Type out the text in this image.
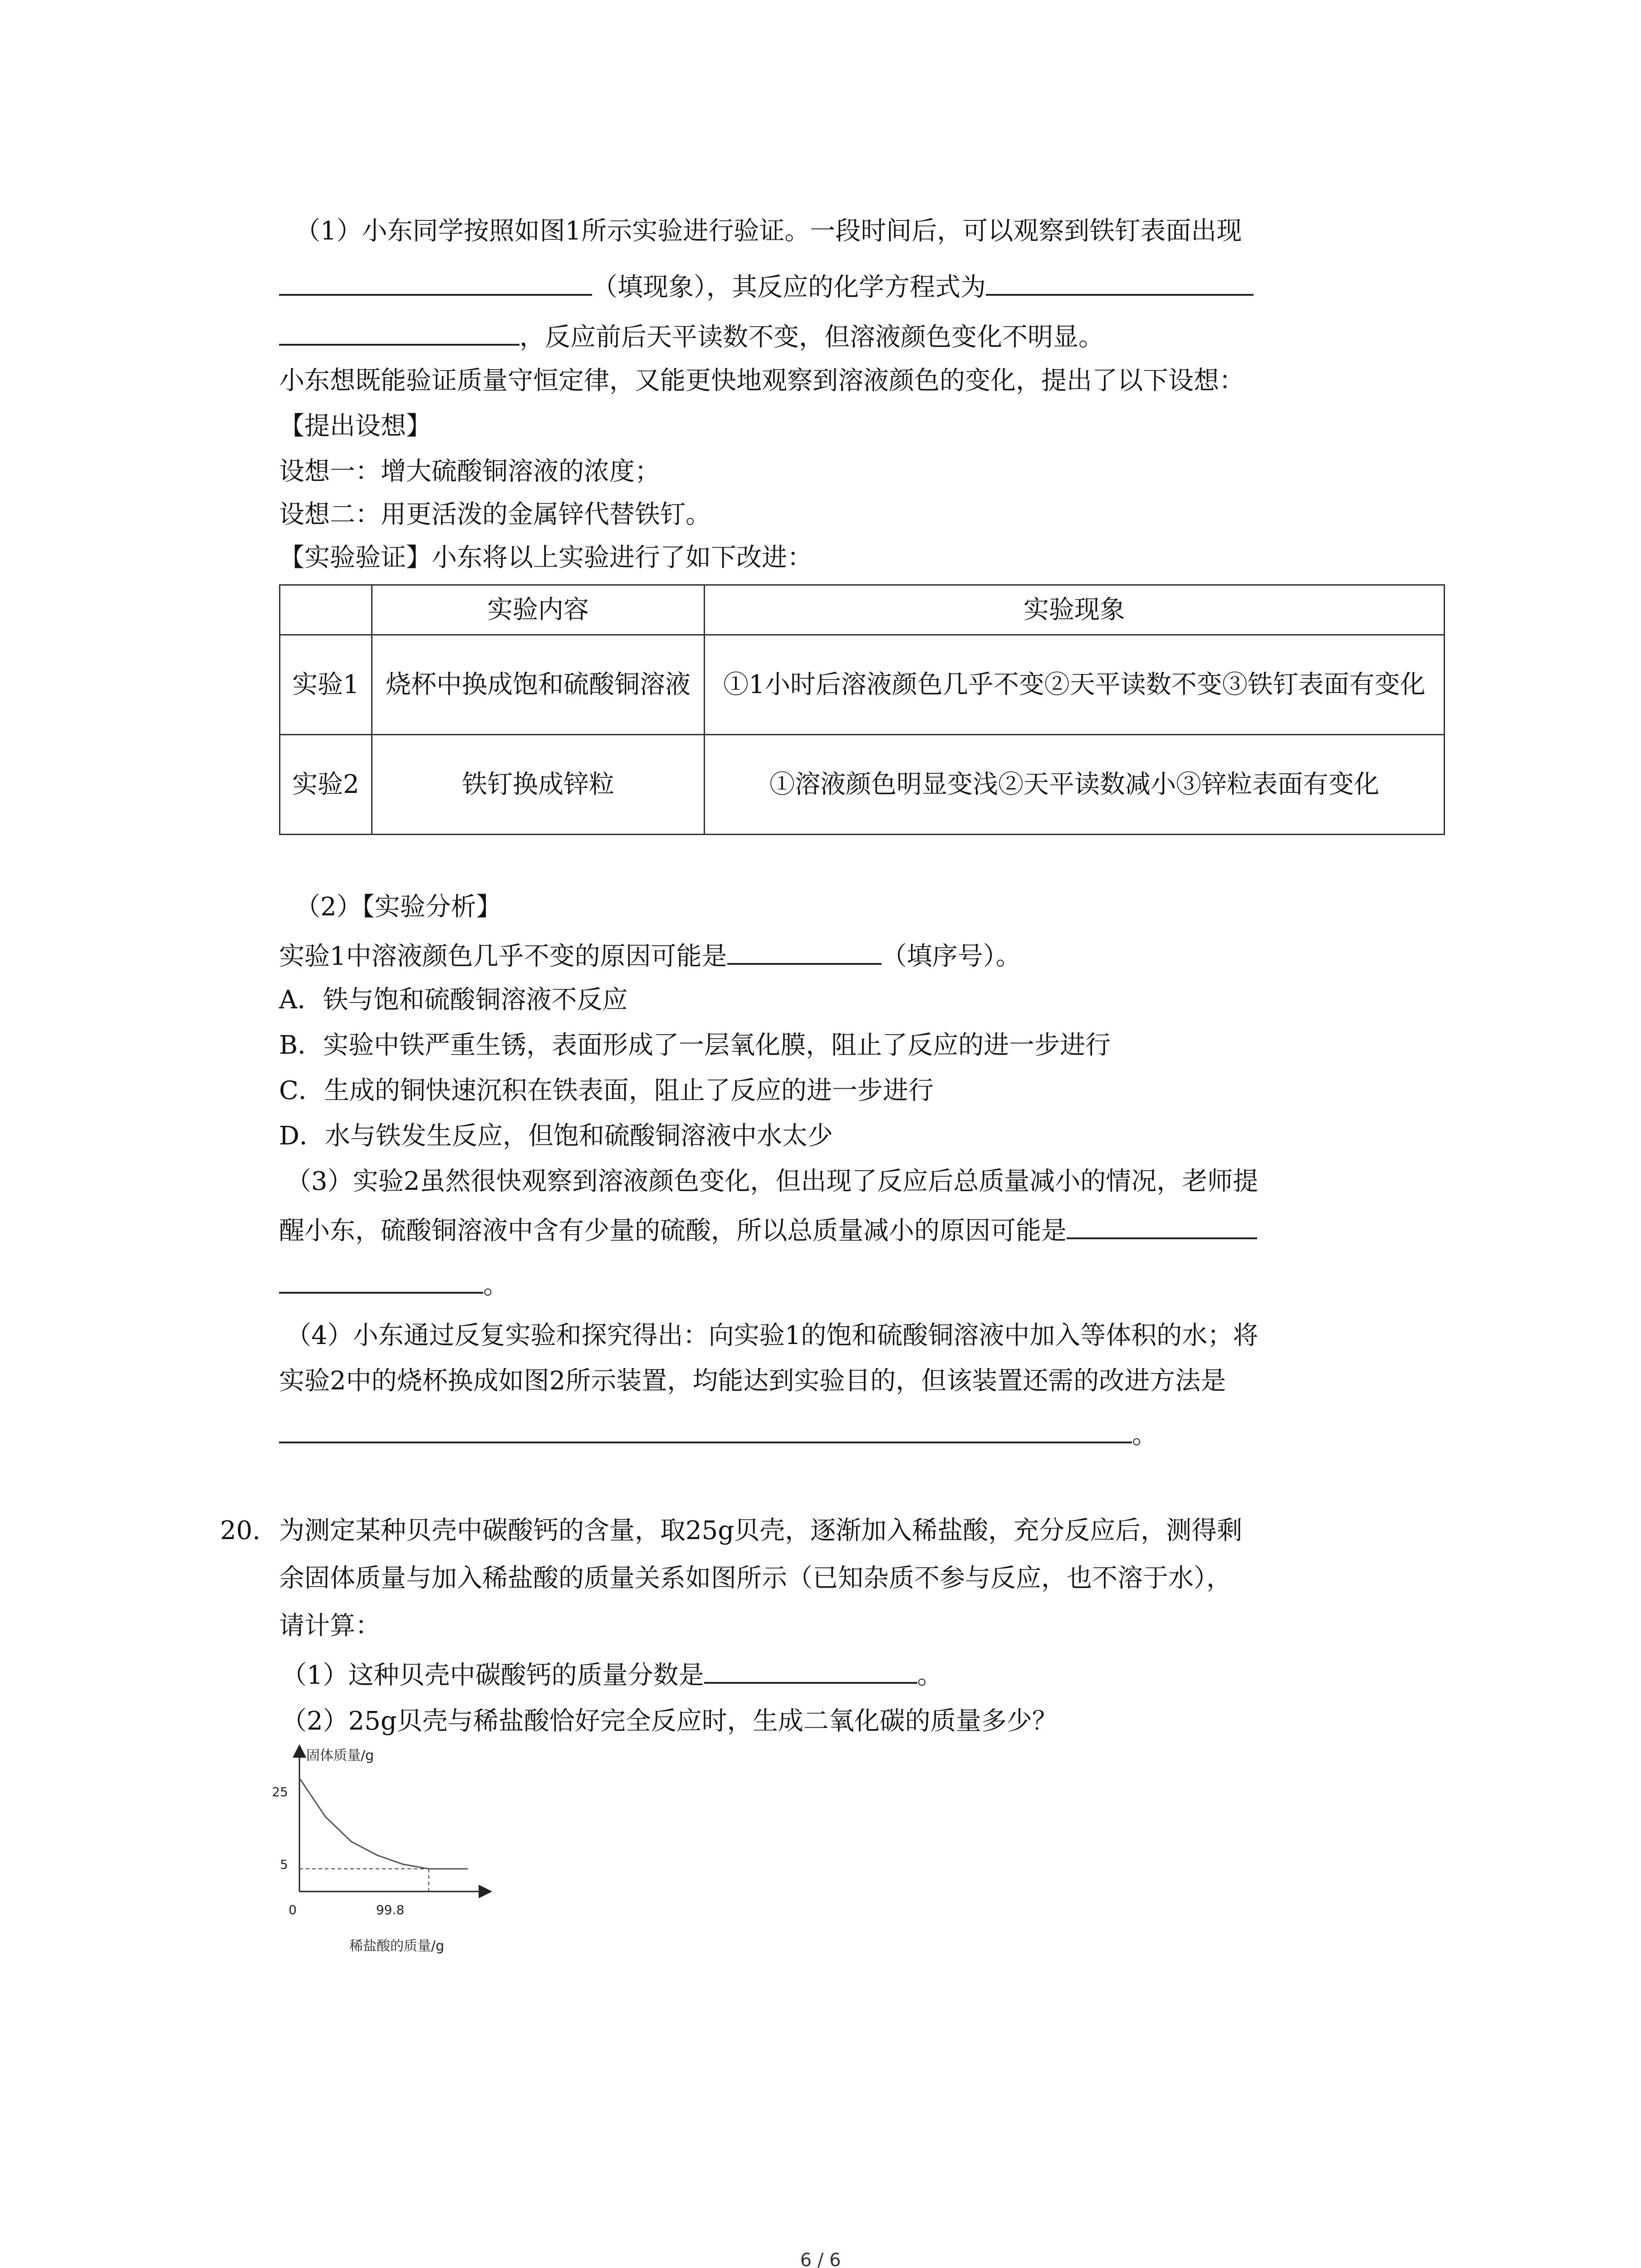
（1）小东同学按照如图1所示实验进行验证。一段时间后，可以观察到铁钉表面出现
（填现象），其反应的化学方程式为
，反应前后天平读数不变，但溶液颜色变化不明显。
小东想既能验证质量守恒定律，又能更快地观察到溶液颜色的变化，提出了以下设想：
【提出设想】
设想一：增大硫酸铜溶液的浓度；
设想二：用更活泼的金属锌代替铁钉。
【实验验证】小东将以上实验进行了如下改进：
	实验内容	实验现象
实验1	烧杯中换成饱和硫酸铜溶液	①1小时后溶液颜色几乎不变②天平读数不变③铁钉表面有变化
实验2	铁钉换成锌粒	①溶液颜色明显变浅②天平读数减小③锌粒表面有变化
（2）【实验分析】
实验1中溶液颜色几乎不变的原因可能是	（填序号）。
A．铁与饱和硫酸铜溶液不反应
B．实验中铁严重生锈，表面形成了一层氧化膜，阻止了反应的进一步进行
C．生成的铜快速沉积在铁表面，阻止了反应的进一步进行
D．水与铁发生反应，但饱和硫酸铜溶液中水太少
（3）实验2虽然很快观察到溶液颜色变化，但出现了反应后总质量减小的情况，老师提
醒小东，硫酸铜溶液中含有少量的硫酸，所以总质量减小的原因可能是
。
（4）小东通过反复实验和探究得出：向实验1的饱和硫酸铜溶液中加入等体积的水；将
实验2中的烧杯换成如图2所示装置，均能达到实验目的，但该装置还需的改进方法是
。
20. 为测定某种贝壳中碳酸钙的含量，取25g贝壳，逐渐加入稀盐酸，充分反应后，测得剩
余固体质量与加入稀盐酸的质量关系如图所示（已知杂质不参与反应，也不溶于水），
请计算：
（1）这种贝壳中碳酸钙的质量分数是	。
（2）25g贝壳与稀盐酸恰好完全反应时，生成二氧化碳的质量多少？
固体质量/g
稀盐酸的质量/g
0
25
5
99.8
6 / 6
